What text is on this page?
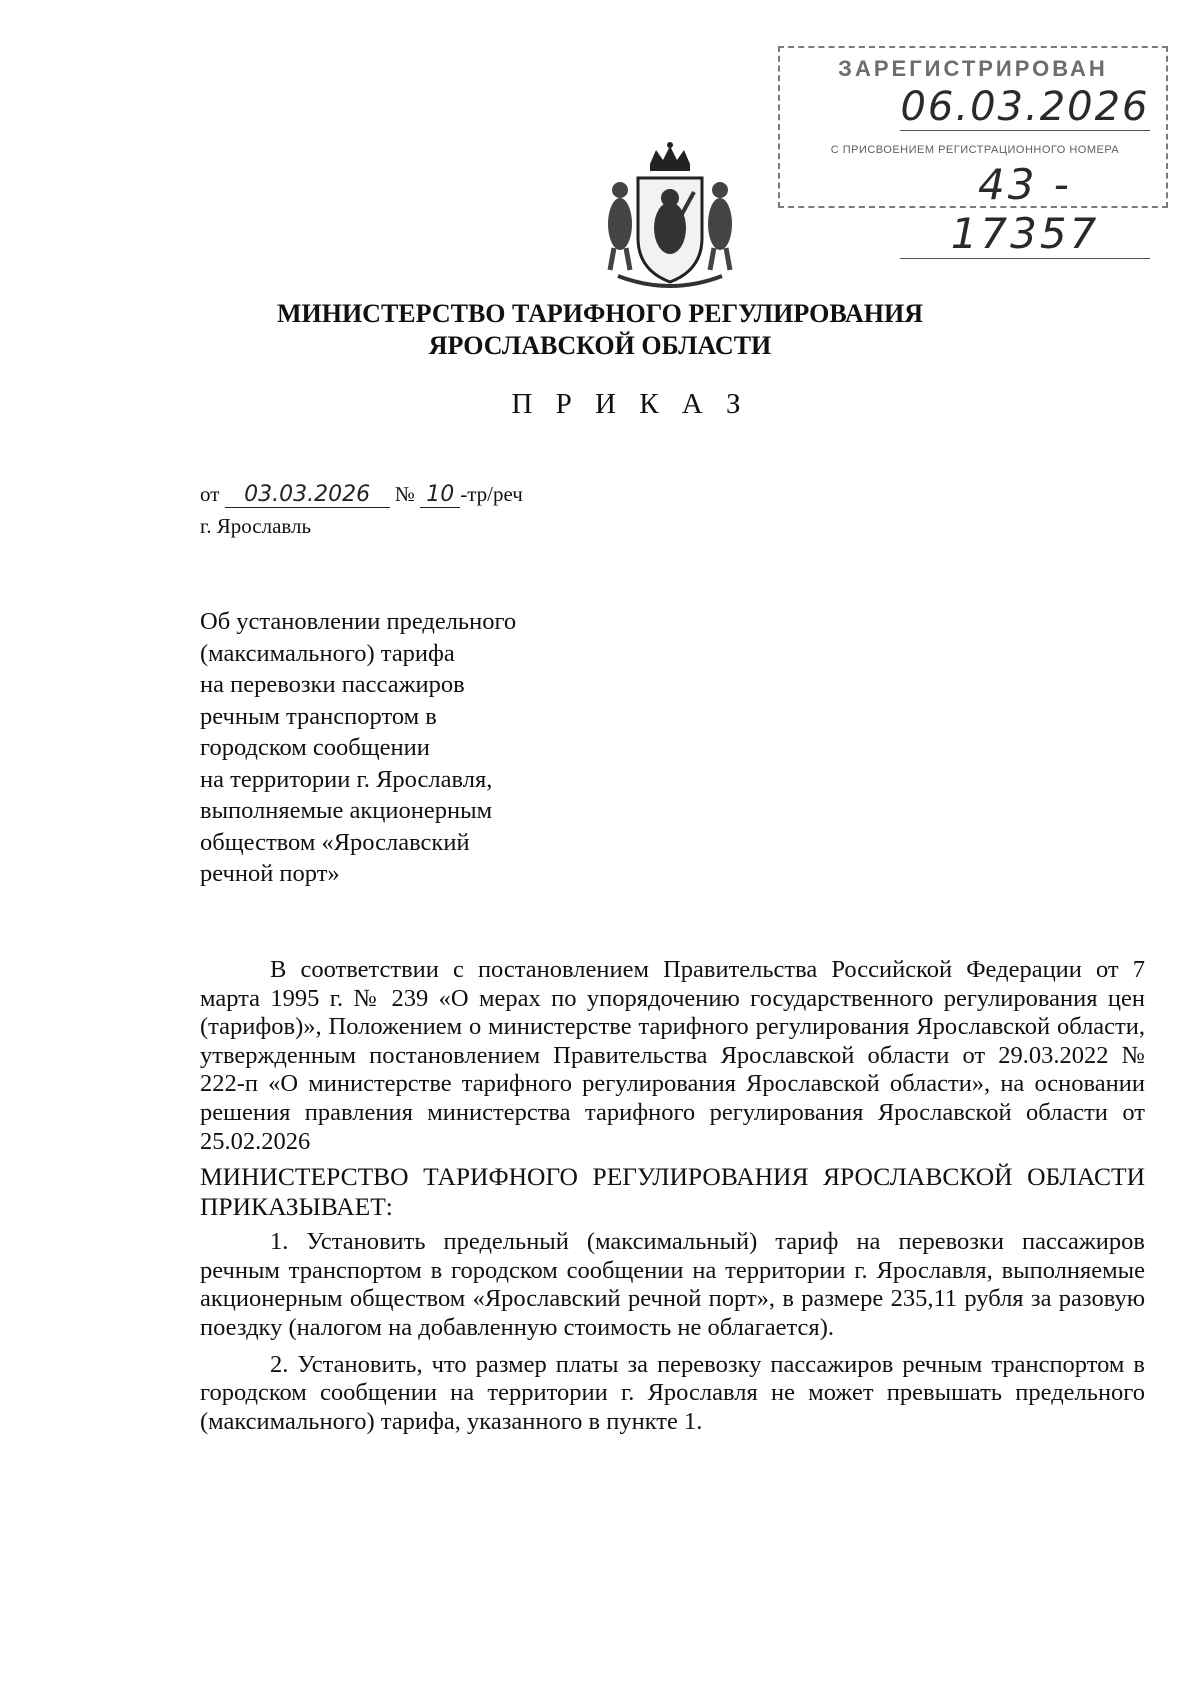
ЗАРЕГИСТРИРОВАН
06.03.2026
С ПРИСВОЕНИЕМ РЕГИСТРАЦИОННОГО НОМЕРА
43 - 17357
МИНИСТЕРСТВО ТАРИФНОГО РЕГУЛИРОВАНИЯ
ЯРОСЛАВСКОЙ ОБЛАСТИ
П Р И К А З
от 03.03.2026 № 10 -тр/реч
г. Ярославль
Об установлении предельного
(максимального) тарифа
на перевозки пассажиров
речным транспортом в
городском сообщении
на территории г. Ярославля,
выполняемые акционерным
обществом «Ярославский
речной порт»

В соответствии с постановлением Правительства Российской Федерации от 7 марта 1995 г. № 239 «О мерах по упорядочению государственного регулирования цен (тарифов)», Положением о министерстве тарифного регулирования Ярославской области, утвержденным постановлением Правительства Ярославской области от 29.03.2022 № 222-п «О министерстве тарифного регулирования Ярославской области», на основании решения правления министерства тарифного регулирования Ярославской области от 25.02.2026

МИНИСТЕРСТВО ТАРИФНОГО РЕГУЛИРОВАНИЯ ЯРОСЛАВСКОЙ ОБЛАСТИ ПРИКАЗЫВАЕТ:

1. Установить предельный (максимальный) тариф на перевозки пассажиров речным транспортом в городском сообщении на территории г. Ярославля, выполняемые акционерным обществом «Ярославский речной порт», в размере 235,11 рубля за разовую поездку (налогом на добавленную стоимость не облагается).

2. Установить, что размер платы за перевозку пассажиров речным транспортом в городском сообщении на территории г. Ярославля не может превышать предельного (максимального) тарифа, указанного в пункте 1.
